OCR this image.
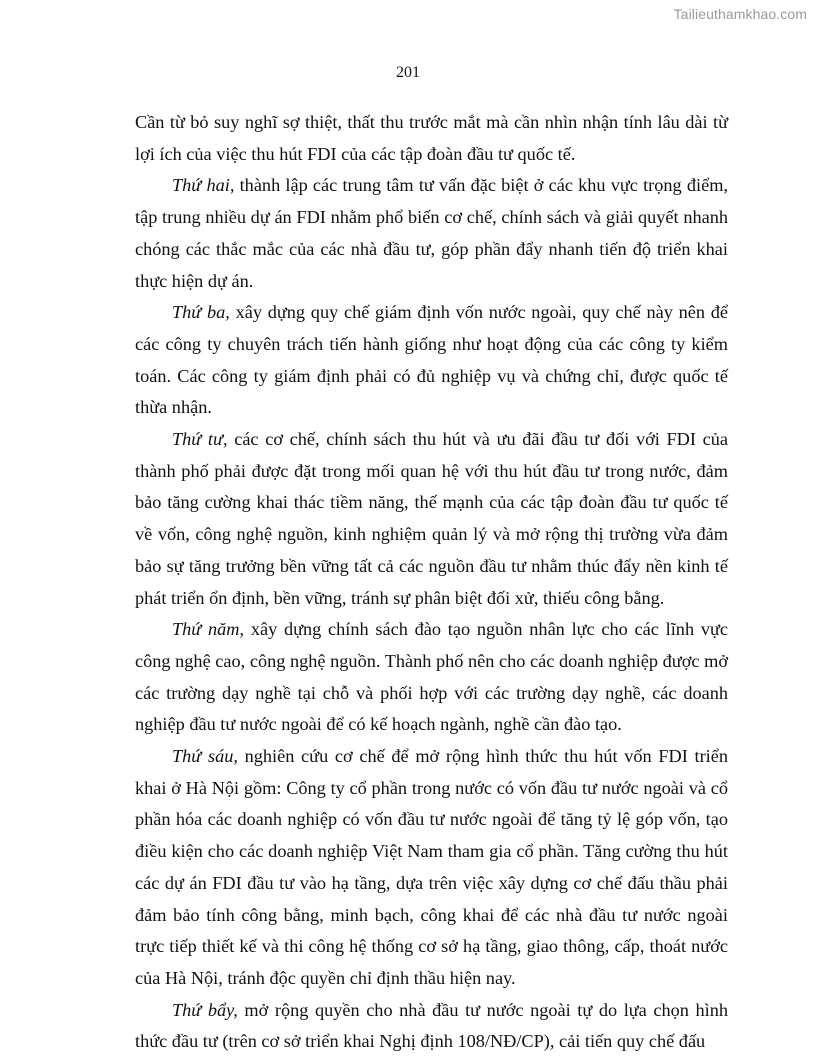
Tailieuthamkhao.com
201

Cần từ bỏ suy nghĩ sợ thiệt, thất thu trước mắt mà cần nhìn nhận tính lâu dài từ lợi ích của việc thu hút FDI của các tập đoàn đầu tư quốc tế.

Thứ hai, thành lập các trung tâm tư vấn đặc biệt ở các khu vực trọng điểm, tập trung nhiều dự án FDI nhằm phổ biến cơ chế, chính sách và giải quyết nhanh chóng các thắc mắc của các nhà đầu tư, góp phần đẩy nhanh tiến độ triển khai thực hiện dự án.

Thứ ba, xây dựng quy chế giám định vốn nước ngoài, quy chế này nên để các công ty chuyên trách tiến hành giống như hoạt động của các công ty kiểm toán. Các công ty giám định phải có đủ nghiệp vụ và chứng chỉ, được quốc tế thừa nhận.

Thứ tư, các cơ chế, chính sách thu hút và ưu đãi đầu tư đối với FDI của thành phố phải được đặt trong mối quan hệ với thu hút đầu tư trong nước, đảm bảo tăng cường khai thác tiềm năng, thế mạnh của các tập đoàn đầu tư quốc tế về vốn, công nghệ nguồn, kinh nghiệm quản lý và mở rộng thị trường vừa đảm bảo sự tăng trưởng bền vững tất cả các nguồn đầu tư nhằm thúc đẩy nền kinh tế phát triển ổn định, bền vững, tránh sự phân biệt đối xử, thiếu công bằng.

Thứ năm, xây dựng chính sách đào tạo nguồn nhân lực cho các lĩnh vực công nghệ cao, công nghệ nguồn. Thành phố nên cho các doanh nghiệp được mở các trường dạy nghề tại chỗ và phối hợp với các trường dạy nghề, các doanh nghiệp đầu tư nước ngoài để có kế hoạch ngành, nghề cần đào tạo.

Thứ sáu, nghiên cứu cơ chế để mở rộng hình thức thu hút vốn FDI triển khai ở Hà Nội gồm: Công ty cổ phần trong nước có vốn đầu tư nước ngoài và cổ phần hóa các doanh nghiệp có vốn đầu tư nước ngoài để tăng tỷ lệ góp vốn, tạo điều kiện cho các doanh nghiệp Việt Nam tham gia cổ phần. Tăng cường thu hút các dự án FDI đầu tư vào hạ tầng, dựa trên việc xây dựng cơ chế đấu thầu phải đảm bảo tính công bằng, minh bạch, công khai để các nhà đầu tư nước ngoài trực tiếp thiết kế và thi công hệ thống cơ sở hạ tầng, giao thông, cấp, thoát nước của Hà Nội, tránh độc quyền chỉ định thầu hiện nay.

Thứ bẩy, mở rộng quyền cho nhà đầu tư nước ngoài tự do lựa chọn hình thức đầu tư (trên cơ sở triển khai Nghị định 108/NĐ/CP), cải tiến quy chế đấu
